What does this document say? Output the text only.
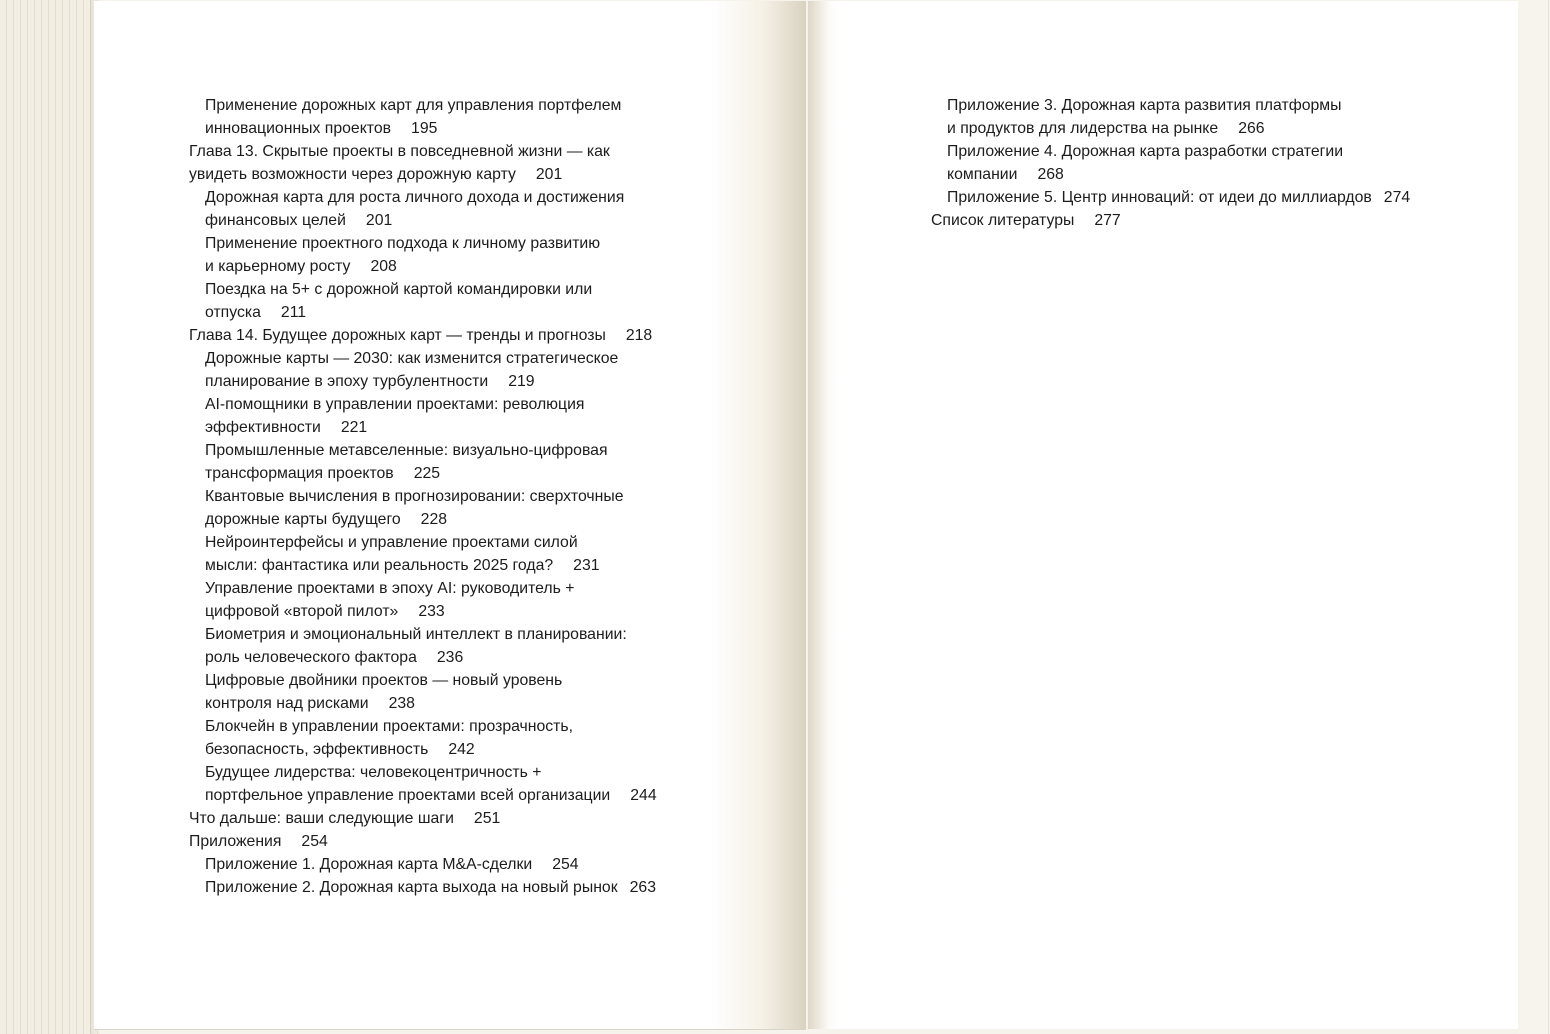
Применение дорожных карт для управления портфелем
инновационных проектов 195
Глава 13. Скрытые проекты в повседневной жизни — как
увидеть возможности через дорожную карту 201
Дорожная карта для роста личного дохода и достижения
финансовых целей 201
Применение проектного подхода к личному развитию
и карьерному росту 208
Поездка на 5+ с дорожной картой командировки или
отпуска 211
Глава 14. Будущее дорожных карт — тренды и прогнозы 218
Дорожные карты — 2030: как изменится стратегическое
планирование в эпоху турбулентности 219
AI-помощники в управлении проектами: революция
эффективности 221
Промышленные метавселенные: визуально-цифровая
трансформация проектов 225
Квантовые вычисления в прогнозировании: сверхточные
дорожные карты будущего 228
Нейроинтерфейсы и управление проектами силой
мысли: фантастика или реальность 2025 года? 231
Управление проектами в эпоху AI: руководитель +
цифровой «второй пилот» 233
Биометрия и эмоциональный интеллект в планировании:
роль человеческого фактора 236
Цифровые двойники проектов — новый уровень
контроля над рисками 238
Блокчейн в управлении проектами: прозрачность,
безопасность, эффективность 242
Будущее лидерства: человекоцентричность +
портфельное управление проектами всей организации 244
Что дальше: ваши следующие шаги 251
Приложения 254
Приложение 1. Дорожная карта M&A-сделки 254
Приложение 2. Дорожная карта выхода на новый рынок 263
Приложение 3. Дорожная карта развития платформы
и продуктов для лидерства на рынке 266
Приложение 4. Дорожная карта разработки стратегии
компании 268
Приложение 5. Центр инноваций: от идеи до миллиардов 274
Список литературы 277
